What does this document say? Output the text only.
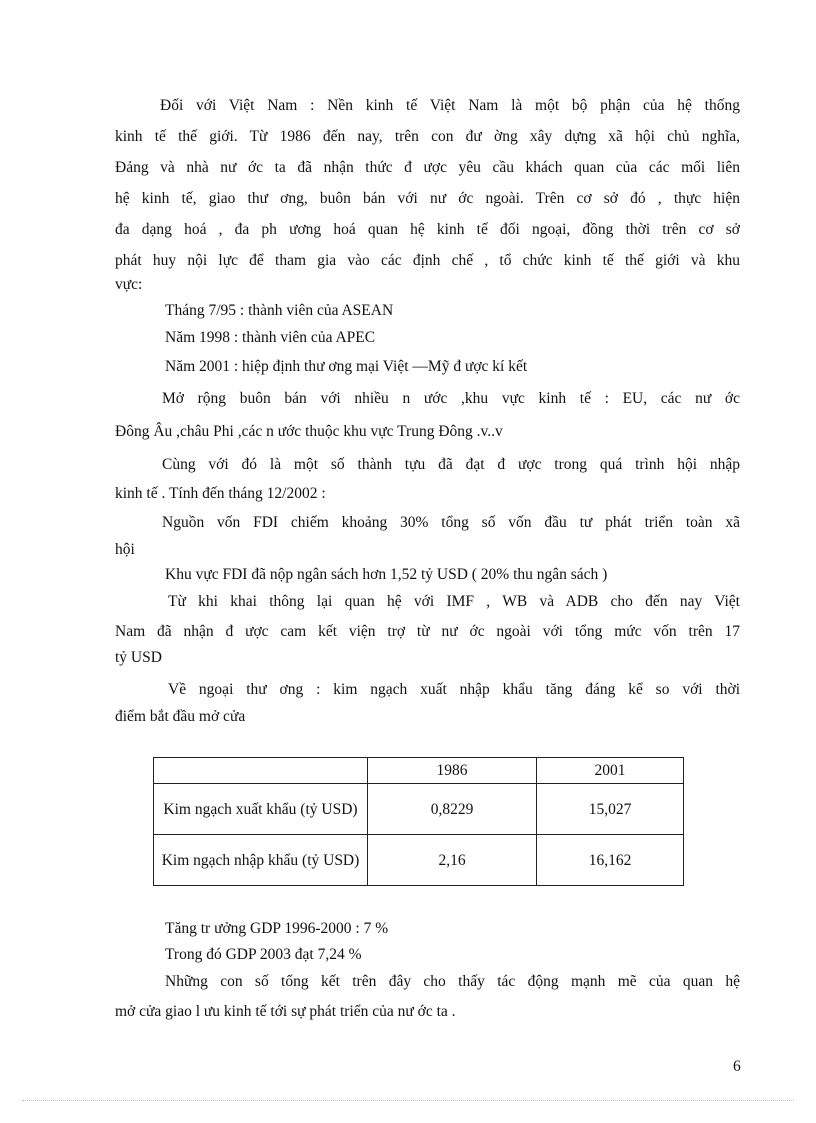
Đối với Việt Nam : Nền kinh tế Việt Nam là một bộ phận của hệ thống
kinh tế thế giới. Từ 1986 đến nay, trên con đư ờng xây dựng xã hội chủ nghĩa,
Đảng và nhà nư ớc ta đã nhận thức đ ược yêu cầu khách quan của các mối liên
hệ kinh tế, giao thư ơng, buôn bán với nư ớc ngoài. Trên cơ sở đó , thực hiện
đa dạng hoá , đa ph ương hoá quan hệ kinh tế đối ngoại, đồng thời trên cơ sở
phát huy nội lực để tham gia vào các định chế , tổ chức kinh tế thế giới và khu
vực:
Tháng 7/95 : thành viên của ASEAN
Năm 1998 : thành viên của APEC
Năm 2001 : hiệp định thư ơng mại Việt —Mỹ đ ược kí kết
Mở rộng buôn bán với nhiều n ước ,khu vực kinh tế : EU, các nư ớc
Đông Âu ,châu Phi ,các n ước thuộc khu vực Trung Đông .v..v
Cùng với đó là một số thành tựu đã đạt đ ược trong quá trình hội nhập
kinh tế . Tính đến tháng 12/2002 :
Nguồn vốn FDI chiếm khoảng 30% tổng số vốn đầu tư phát triển toàn xã
hội
Khu vực FDI đã nộp ngân sách hơn 1,52 tỷ USD ( 20% thu ngân sách )
Từ khi khai thông lại quan hệ với IMF , WB và ADB cho đến nay Việt
Nam đã nhận đ ược cam kết viện trợ từ nư ớc ngoài với tổng mức vốn trên 17
tỷ USD
Về ngoại thư ơng : kim ngạch xuất nhập khẩu tăng đáng kể so với thời
điểm bắt đầu mở cửa
Tăng tr ưởng GDP 1996-2000 : 7 %
Trong đó GDP 2003 đạt 7,24 %
Những con số tổng kết trên đây cho thấy tác động mạnh mẽ của quan hệ
mở cửa giao l ưu kinh tế tới sự phát triển của nư ớc ta .
	1986	2001
Kim ngạch xuất khẩu (tỷ USD)	0,8229	15,027
Kim ngạch nhập khẩu (tỷ USD)	2,16	16,162
6
